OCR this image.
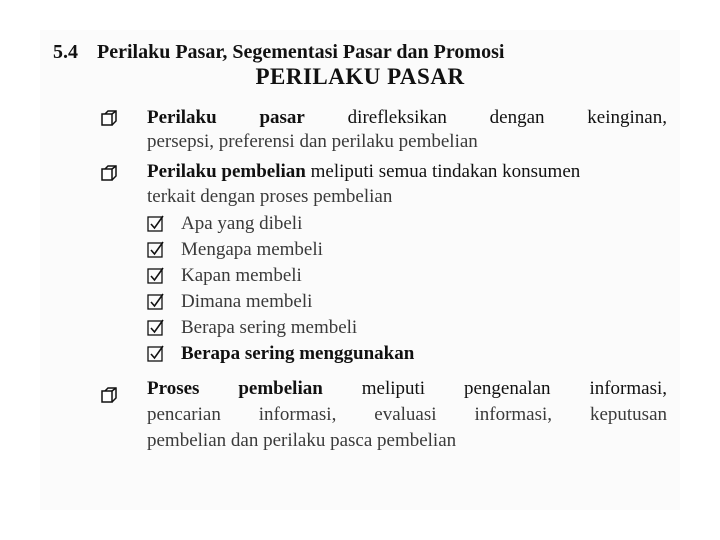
5.4 Perilaku Pasar, Segementasi Pasar dan Promosi
PERILAKU PASAR
Perilaku pasar direfleksikan dengan keinginan,
persepsi, preferensi dan perilaku pembelian
Perilaku pembelian meliputi semua tindakan konsumen
terkait dengan proses pembelian
Apa yang dibeli
Mengapa membeli
Kapan membeli
Dimana membeli
Berapa sering membeli
Berapa sering menggunakan
Proses pembelian meliputi pengenalan informasi,
pencarian informasi, evaluasi informasi, keputusan
pembelian dan perilaku pasca pembelian
